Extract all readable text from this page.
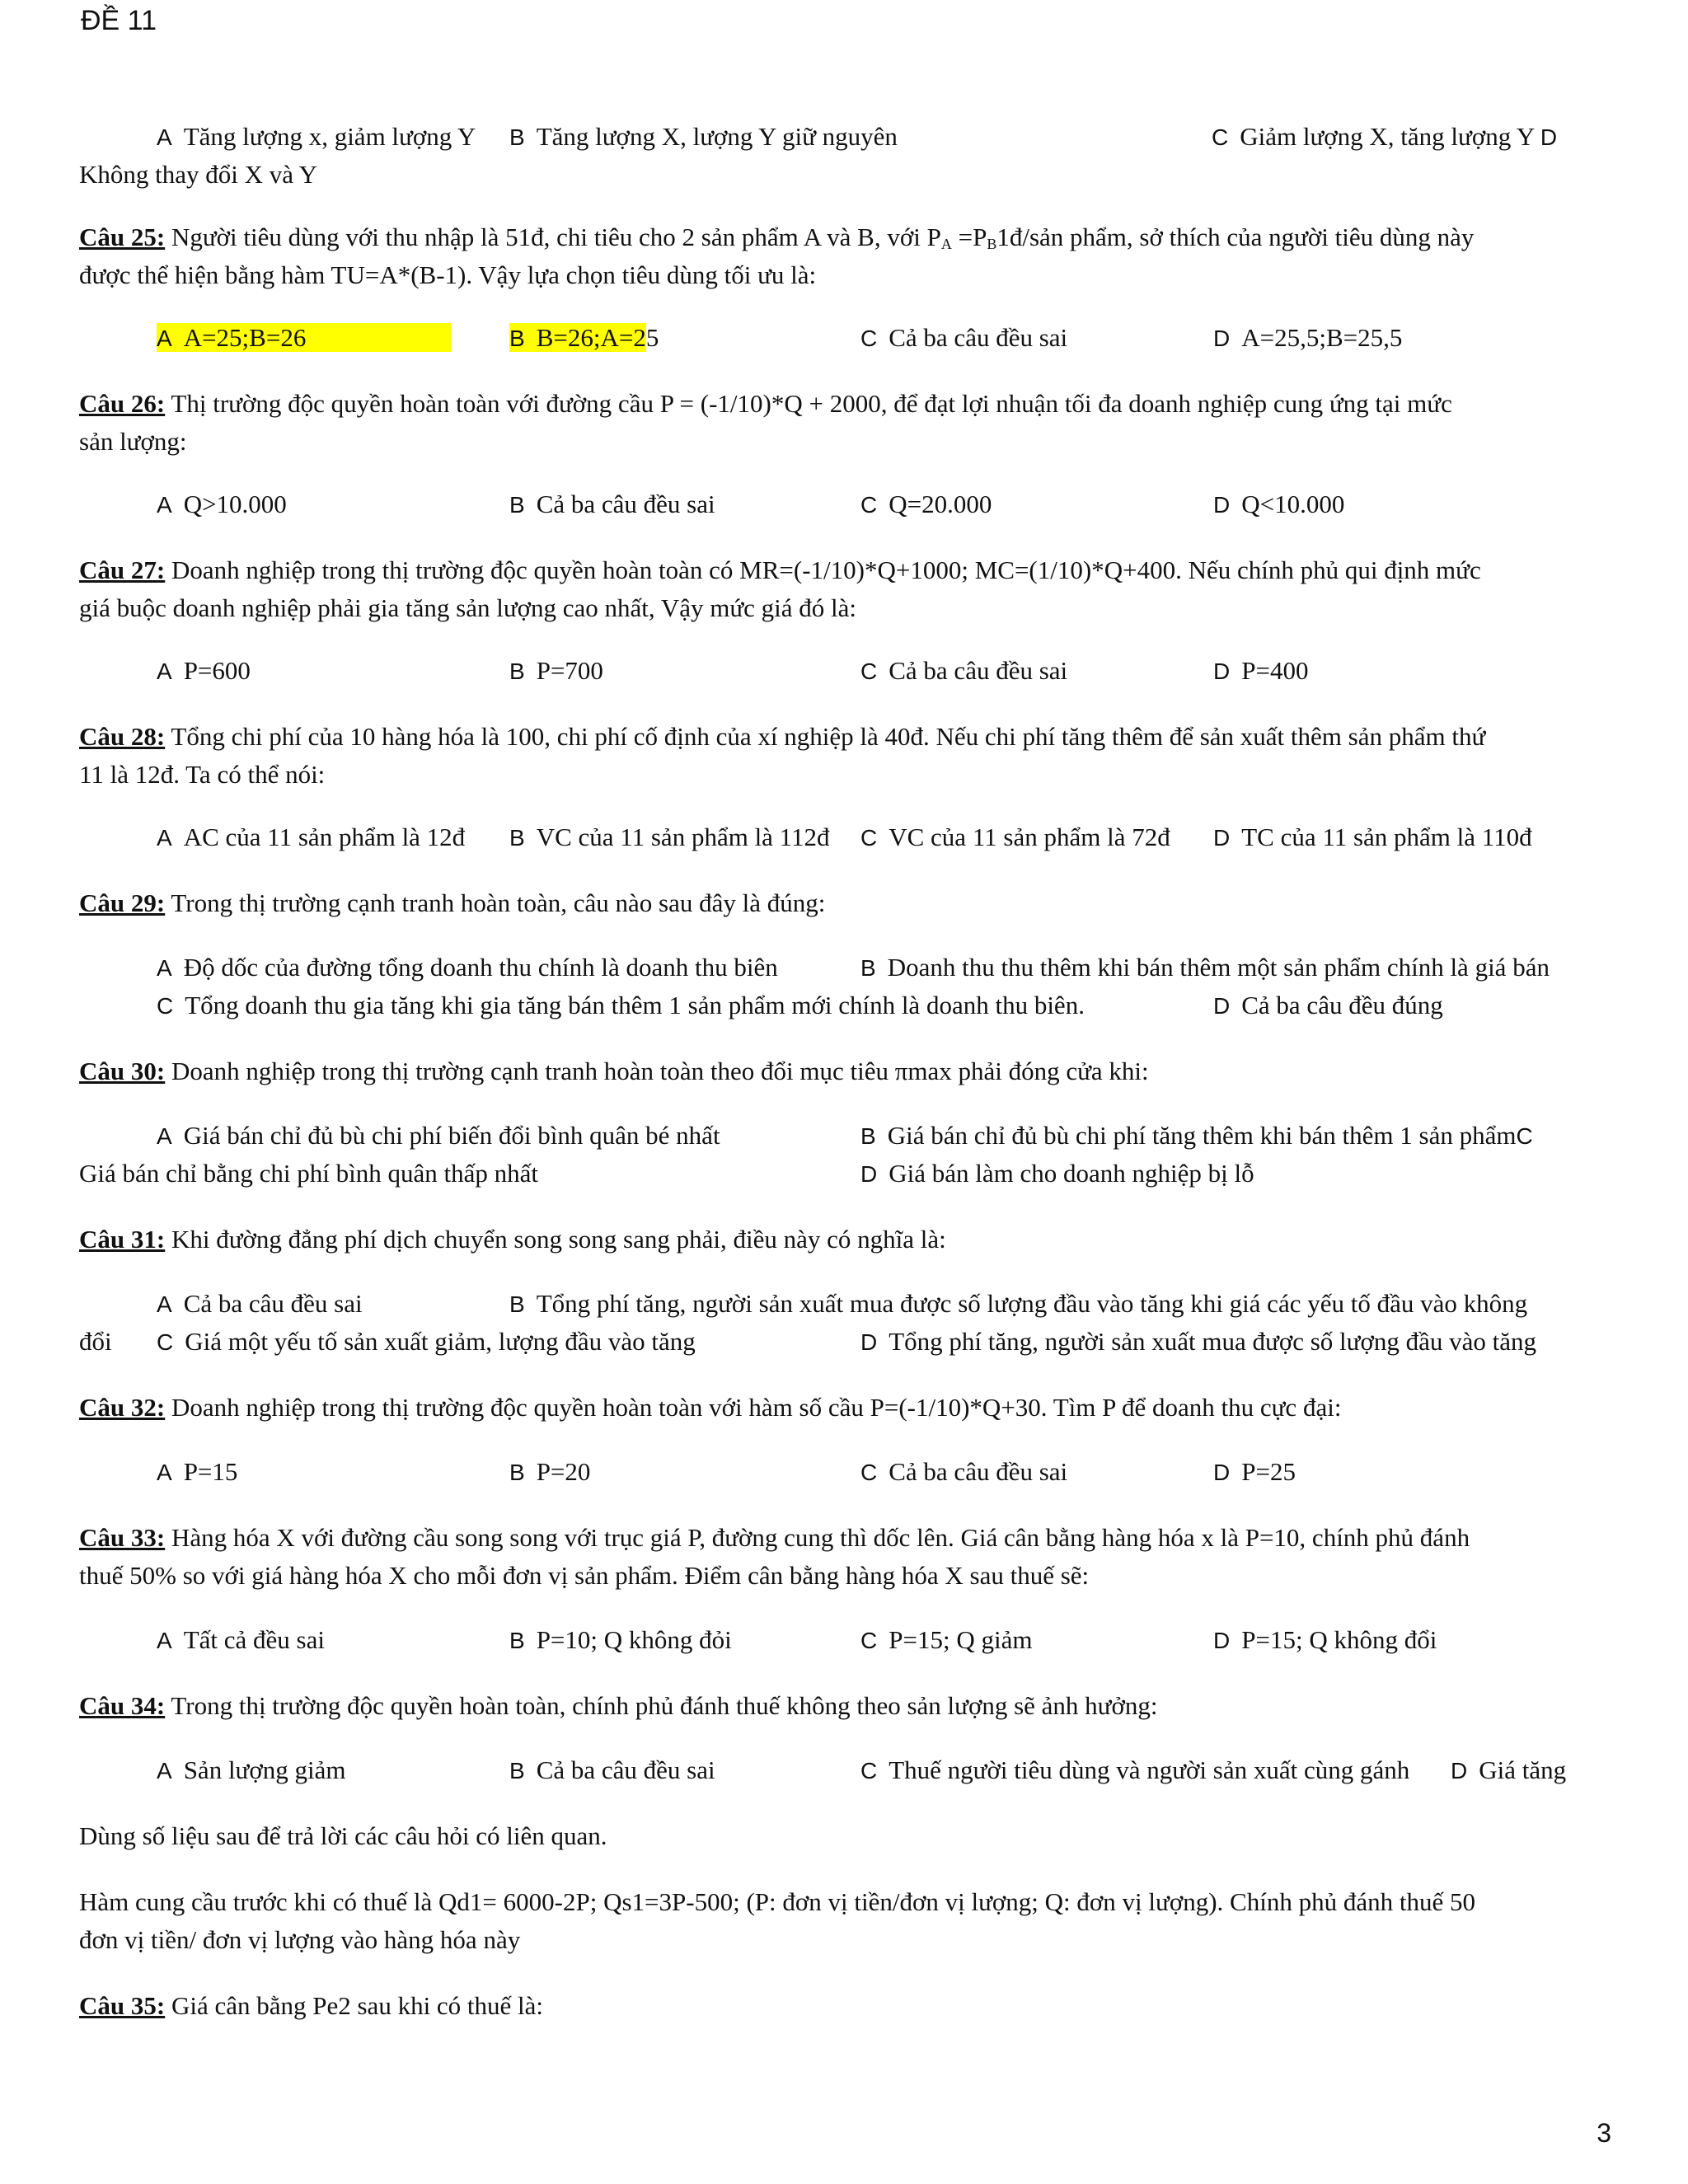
ĐỀ 11
A Tăng lượng x, giảm lượng Y B Tăng lượng X, lượng Y giữ nguyên	C Giảm lượng X, tăng lượng Y D
Không thay đổi X và Y
Câu 25: Người tiêu dùng với thu nhập là 51đ, chi tiêu cho 2 sản phẩm A và B, với $P_A$ $=P_B1đ$/sản phẩm, sở thích của người tiêu dùng này
được thể hiện bằng hàm TU=A*(B-1). Vậy lựa chọn tiêu dùng tối ưu là:
A A=25;B=26	B B=26;A=25	C Cả ba câu đều sai	D A=25,5;B=25,5
Câu 26: Thị trường độc quyền hoàn toàn với đường cầu P = (-1/10)*Q + 2000, để đạt lợi nhuận tối đa doanh nghiệp cung ứng tại mức
sản lượng:
A Q>10.000	B Cả ba câu đều sai	C Q=20.000	D Q<10.000
Câu 27: Doanh nghiệp trong thị trường độc quyền hoàn toàn có MR=(-1/10)*Q+1000; MC=(1/10)*Q+400. Nếu chính phủ qui định mức
giá buộc doanh nghiệp phải gia tăng sản lượng cao nhất, Vậy mức giá đó là:
A P=600	B P=700	C Cả ba câu đều sai	D P=400
Câu 28: Tổng chi phí của 10 hàng hóa là 100, chi phí cố định của xí nghiệp là 40đ. Nếu chi phí tăng thêm để sản xuất thêm sản phẩm thứ
11 là 12đ. Ta có thể nói:
A AC của 11 sản phẩm là 12đ B VC của 11 sản phẩm là 112đ C VC của 11 sản phẩm là 72đ D TC của 11 sản phẩm là 110đ
Câu 29: Trong thị trường cạnh tranh hoàn toàn, câu nào sau đây là đúng:
A Độ dốc của đường tổng doanh thu chính là doanh thu biên	B Doanh thu thu thêm khi bán thêm một sản phẩm chính là giá bán
C Tổng doanh thu gia tăng khi gia tăng bán thêm 1 sản phẩm mới chính là doanh thu biên.	D Cả ba câu đều đúng
Câu 30: Doanh nghiệp trong thị trường cạnh tranh hoàn toàn theo đổi mục tiêu πmax phải đóng cửa khi:
A Giá bán chỉ đủ bù chi phí biến đổi bình quân bé nhất	B Giá bán chỉ đủ bù chi phí tăng thêm khi bán thêm 1 sản phẩmC
Giá bán chỉ bằng chi phí bình quân thấp nhất	D Giá bán làm cho doanh nghiệp bị lỗ
Câu 31: Khi đường đẳng phí dịch chuyển song song sang phải, điều này có nghĩa là:
A Cả ba câu đều sai	B Tổng phí tăng, người sản xuất mua được số lượng đầu vào tăng khi giá các yếu tố đầu vào không
đổi C Giá một yếu tố sản xuất giảm, lượng đầu vào tăng	D Tổng phí tăng, người sản xuất mua được số lượng đầu vào tăng
Câu 32: Doanh nghiệp trong thị trường độc quyền hoàn toàn với hàm số cầu P=(-1/10)*Q+30. Tìm P để doanh thu cực đại:
A P=15	B P=20	C Cả ba câu đều sai	D P=25
Câu 33: Hàng hóa X với đường cầu song song với trục giá P, đường cung thì dốc lên. Giá cân bằng hàng hóa x là P=10, chính phủ đánh
thuế 50% so với giá hàng hóa X cho mỗi đơn vị sản phẩm. Điểm cân bằng hàng hóa X sau thuế sẽ:
A Tất cả đều sai	B P=10; Q không đỏi	C P=15; Q giảm	D P=15; Q không đổi
Câu 34: Trong thị trường độc quyền hoàn toàn, chính phủ đánh thuế không theo sản lượng sẽ ảnh hưởng:
A Sản lượng giảm	B Cả ba câu đều sai	C Thuế người tiêu dùng và người sản xuất cùng gánh D Giá tăng
Dùng số liệu sau để trả lời các câu hỏi có liên quan.
Hàm cung cầu trước khi có thuế là Qd1= 6000-2P; Qs1=3P-500; (P: đơn vị tiền/đơn vị lượng; Q: đơn vị lượng). Chính phủ đánh thuế 50
đơn vị tiền/ đơn vị lượng vào hàng hóa này
Câu 35: Giá cân bằng Pe2 sau khi có thuế là:
3
